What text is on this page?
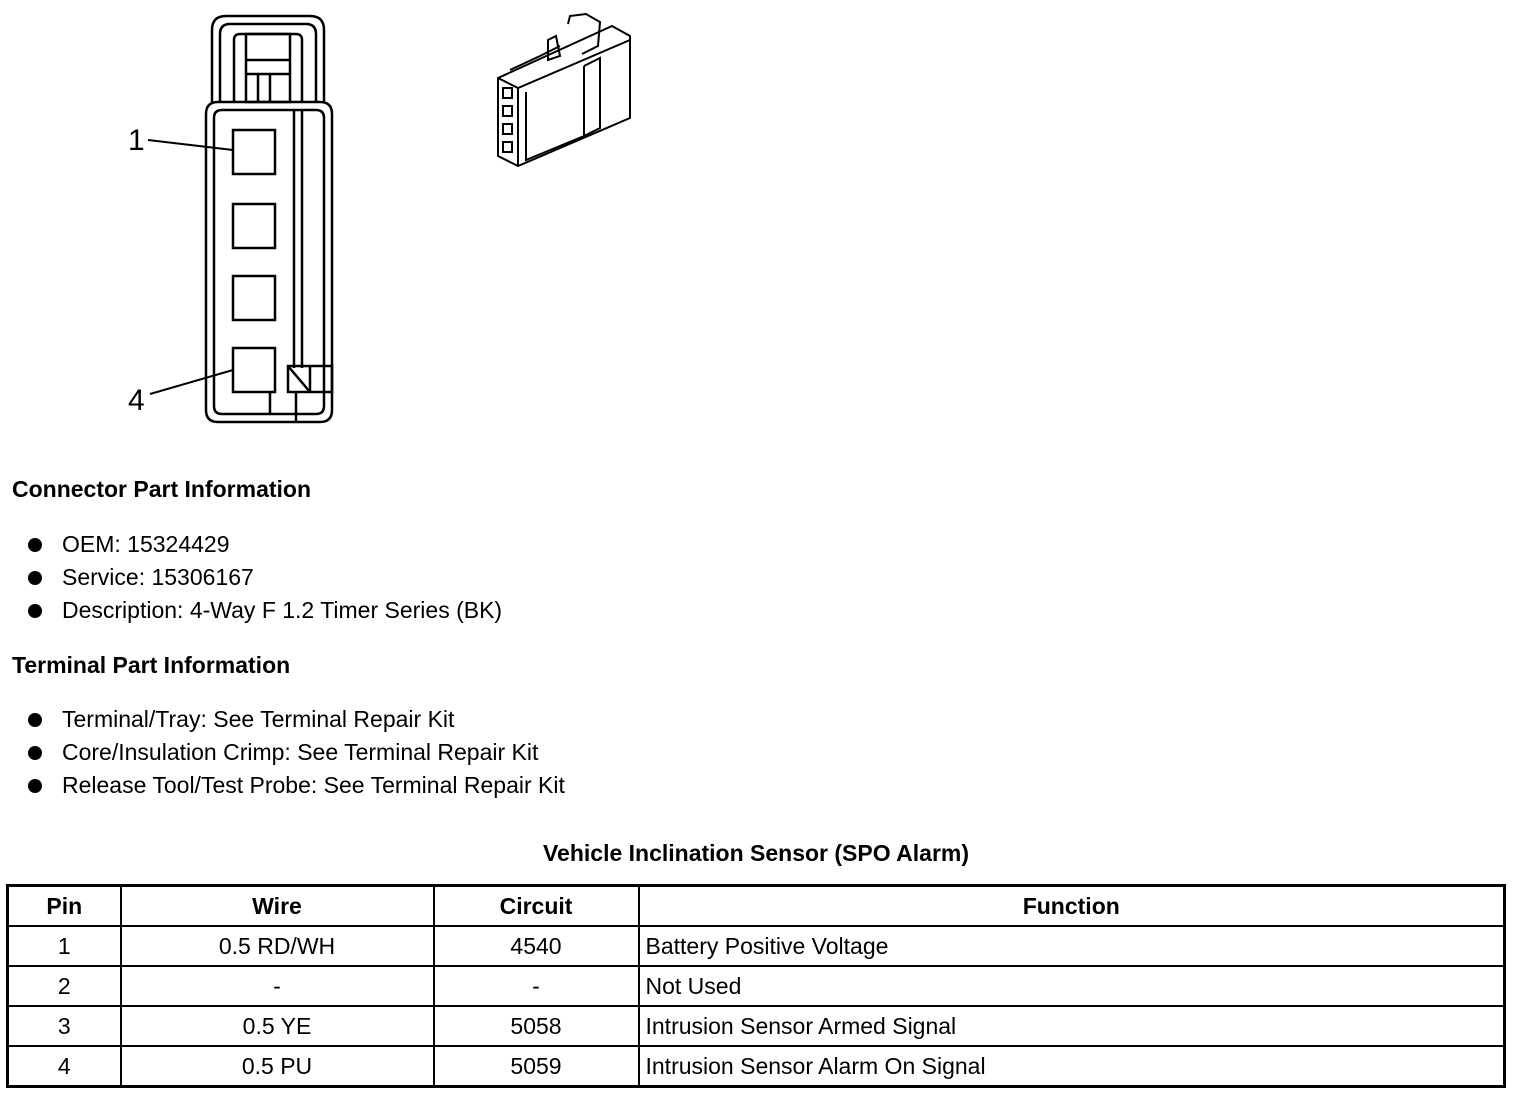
1
4
Connector Part Information
OEM: 15324429
Service: 15306167
Description: 4-Way F 1.2 Timer Series (BK)
Terminal Part Information
Terminal/Tray: See Terminal Repair Kit
Core/Insulation Crimp: See Terminal Repair Kit
Release Tool/Test Probe: See Terminal Repair Kit
Vehicle Inclination Sensor (SPO Alarm)
Pin	Wire	Circuit	Function
1	0.5 RD/WH	4540	Battery Positive Voltage
2	-	-	Not Used
3	0.5 YE	5058	Intrusion Sensor Armed Signal
4	0.5 PU	5059	Intrusion Sensor Alarm On Signal
